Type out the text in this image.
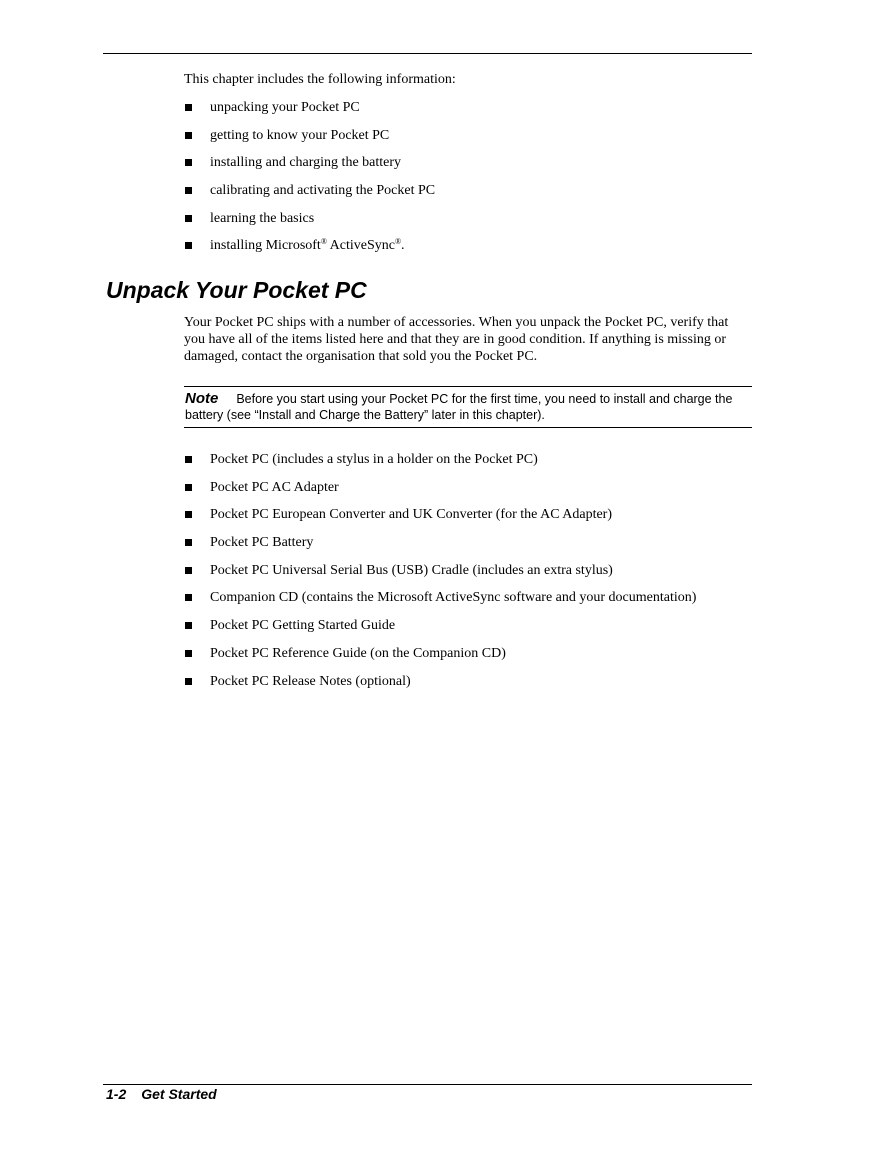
This chapter includes the following information:

unpacking your Pocket PC
getting to know your Pocket PC
installing and charging the battery
calibrating and activating the Pocket PC
learning the basics
installing Microsoft® ActiveSync®.
Unpack Your Pocket PC

Your Pocket PC ships with a number of accessories. When you unpack the Pocket PC, verify that you have all of the items listed here and that they are in good condition. If anything is missing or damaged, contact the organisation that sold you the Pocket PC.

Note Before you start using your Pocket PC for the first time, you need to install and charge the battery (see “Install and Charge the Battery” later in this chapter).

Pocket PC (includes a stylus in a holder on the Pocket PC)
Pocket PC AC Adapter
Pocket PC European Converter and UK Converter (for the AC Adapter)
Pocket PC Battery
Pocket PC Universal Serial Bus (USB) Cradle (includes an extra stylus)
Companion CD (contains the Microsoft ActiveSync software and your documentation)
Pocket PC Getting Started Guide
Pocket PC Reference Guide (on the Companion CD)
Pocket PC Release Notes (optional)
1-2 Get Started
